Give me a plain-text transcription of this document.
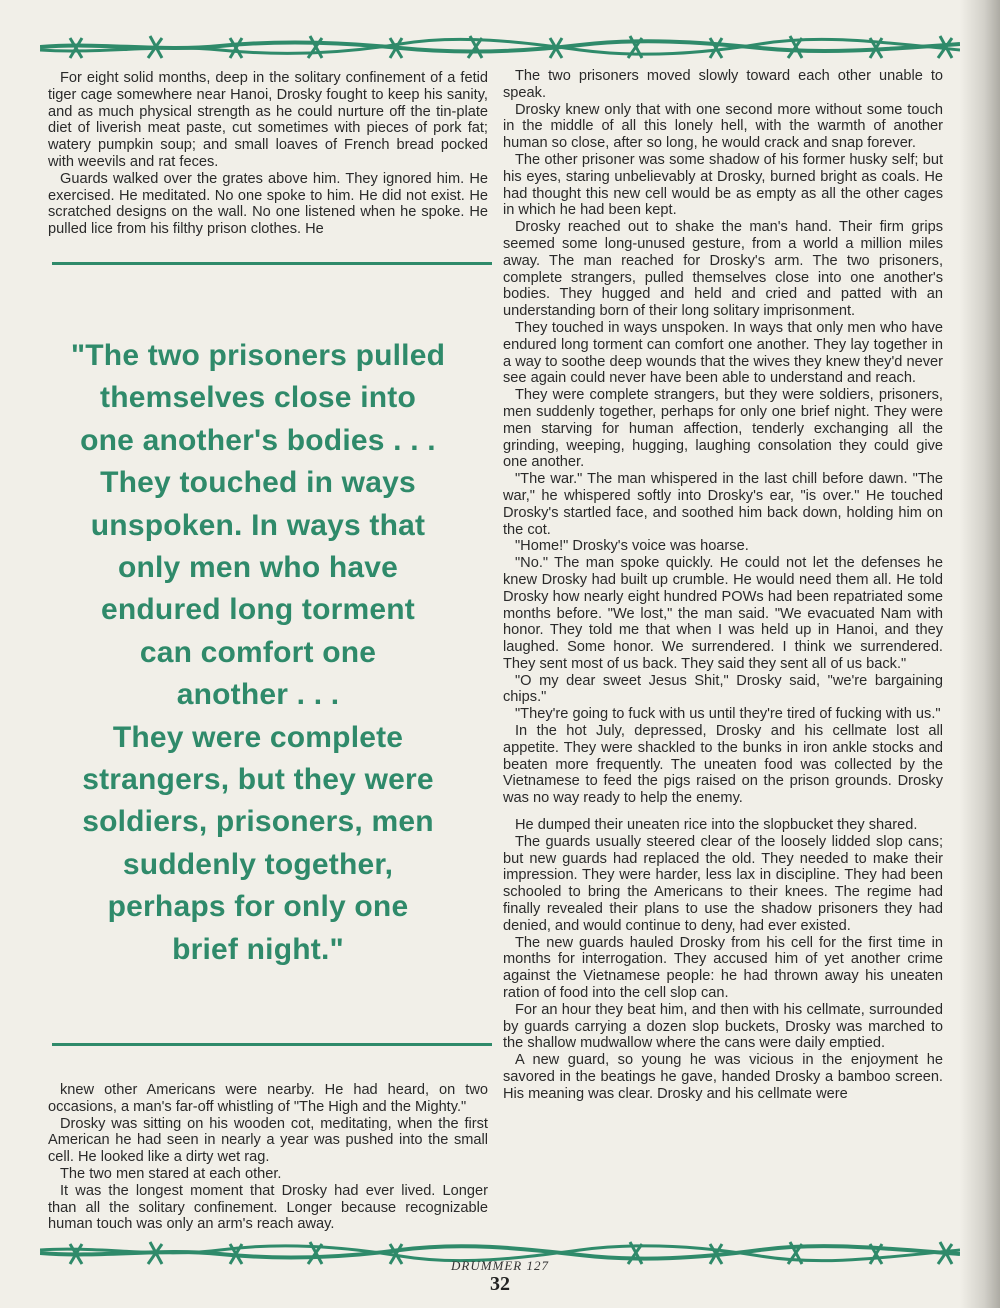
For eight solid months, deep in the solitary confinement of a fetid tiger cage somewhere near Hanoi, Drosky fought to keep his sanity, and as much physical strength as he could nurture off the tin-plate diet of liverish meat paste, cut sometimes with pieces of pork fat; watery pumpkin soup; and small loaves of French bread pocked with weevils and rat feces.

Guards walked over the grates above him. They ignored him. He exercised. He meditated. No one spoke to him. He did not exist. He scratched designs on the wall. No one listened when he spoke. He pulled lice from his filthy prison clothes. He

"The two prisoners pulled
themselves close into
one another's bodies . . .
They touched in ways
unspoken. In ways that
only men who have
endured long torment
can comfort one
another . . .
They were complete
strangers, but they were
soldiers, prisoners, men
suddenly together,
perhaps for only one
brief night."

knew other Americans were nearby. He had heard, on two occasions, a man's far-off whistling of "The High and the Mighty."

Drosky was sitting on his wooden cot, meditating, when the first American he had seen in nearly a year was pushed into the small cell. He looked like a dirty wet rag.

The two men stared at each other.

It was the longest moment that Drosky had ever lived. Longer than all the solitary confinement. Longer because recognizable human touch was only an arm's reach away.

The two prisoners moved slowly toward each other unable to speak.

Drosky knew only that with one second more without some touch in the middle of all this lonely hell, with the warmth of another human so close, after so long, he would crack and snap forever.

The other prisoner was some shadow of his former husky self; but his eyes, staring unbelievably at Drosky, burned bright as coals. He had thought this new cell would be as empty as all the other cages in which he had been kept.

Drosky reached out to shake the man's hand. Their firm grips seemed some long-unused gesture, from a world a million miles away. The man reached for Drosky's arm. The two prisoners, complete strangers, pulled themselves close into one another's bodies. They hugged and held and cried and patted with an understanding born of their long solitary imprisonment.

They touched in ways unspoken. In ways that only men who have endured long torment can comfort one another. They lay together in a way to soothe deep wounds that the wives they knew they'd never see again could never have been able to understand and reach.

They were complete strangers, but they were soldiers, prisoners, men suddenly together, perhaps for only one brief night. They were men starving for human affection, tenderly exchanging all the grinding, weeping, hugging, laughing consolation they could give one another.

"The war." The man whispered in the last chill before dawn. "The war," he whispered softly into Drosky's ear, "is over." He touched Drosky's startled face, and soothed him back down, holding him on the cot.

"Home!" Drosky's voice was hoarse.

"No." The man spoke quickly. He could not let the defenses he knew Drosky had built up crumble. He would need them all. He told Drosky how nearly eight hundred POWs had been repatriated some months before. "We lost," the man said. "We evacuated Nam with honor. They told me that when I was held up in Hanoi, and they laughed. Some honor. We surrendered. I think we surrendered. They sent most of us back. They said they sent all of us back."

"O my dear sweet Jesus Shit," Drosky said, "we're bargaining chips."

"They're going to fuck with us until they're tired of fucking with us."

In the hot July, depressed, Drosky and his cellmate lost all appetite. They were shackled to the bunks in iron ankle stocks and beaten more frequently. The uneaten food was collected by the Vietnamese to feed the pigs raised on the prison grounds. Drosky was no way ready to help the enemy.

He dumped their uneaten rice into the slopbucket they shared.

The guards usually steered clear of the loosely lidded slop cans; but new guards had replaced the old. They needed to make their impression. They were harder, less lax in discipline. They had been schooled to bring the Americans to their knees. The regime had finally revealed their plans to use the shadow prisoners they had denied, and would continue to deny, had ever existed.

The new guards hauled Drosky from his cell for the first time in months for interrogation. They accused him of yet another crime against the Vietnamese people: he had thrown away his uneaten ration of food into the cell slop can.

For an hour they beat him, and then with his cellmate, surrounded by guards carrying a dozen slop buckets, Drosky was marched to the shallow mudwallow where the cans were daily emptied.

A new guard, so young he was vicious in the enjoyment he savored in the beatings he gave, handed Drosky a bamboo screen. His meaning was clear. Drosky and his cellmate were

DRUMMER 127
32
